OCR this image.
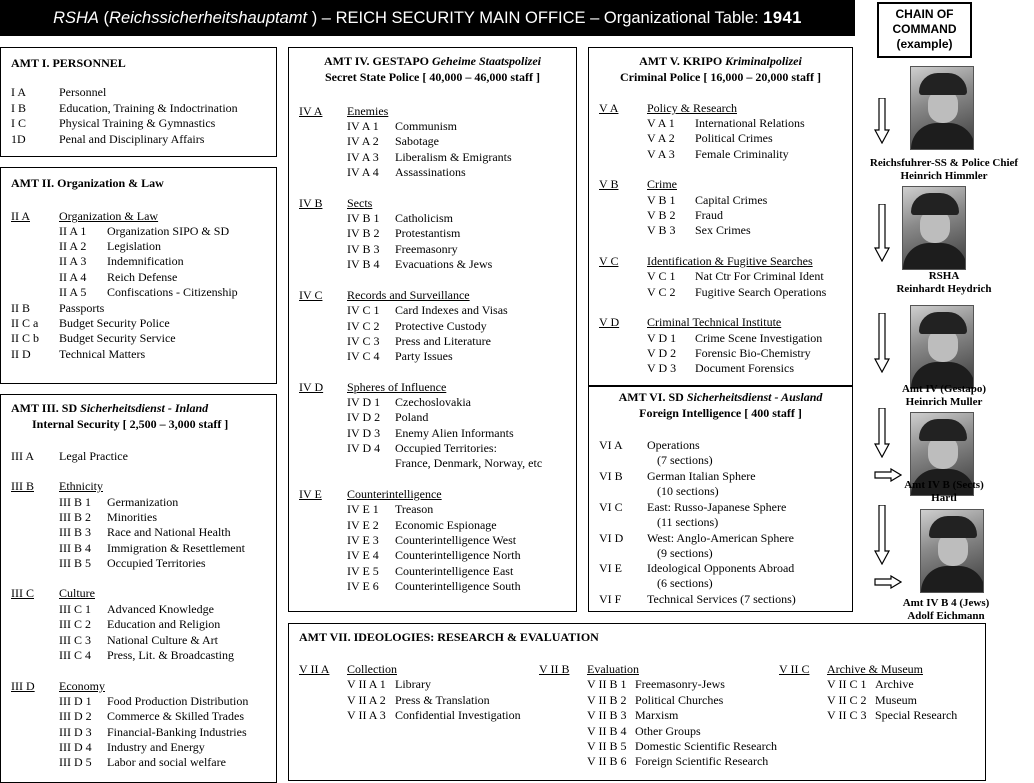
RSHA (Reichssicherheitshauptamt ) – REICH SECURITY MAIN OFFICE – Organizational Table: 1941
AMT I. PERSONNEL
I A	Personnel
I B	Education, Training & Indoctrination
I C	Physical Training & Gymnastics
1D	Penal and Disciplinary Affairs
AMT II. Organization & Law
II A Organization & Law
II A 1 Organization SIPO & SD
II A 2 Legislation
II A 3 Indemnification
II A 4 Reich Defense
II A 5 Confiscations - Citizenship
II B Passports
II C a Budget Security Police
II C b Budget Security Service
II D Technical Matters
AMT III. SD Sicherheitsdienst - Inland
Internal Security [ 2,500 – 3,000 staff ]
III A Legal Practice
III B Ethnicity
III B 1 Germanization
III B 2 Minorities
III B 3 Race and National Health
III B 4 Immigration & Resettlement
III B 5 Occupied Territories
III C Culture
III C 1 Advanced Knowledge
III C 2 Education and Religion
III C 3 National Culture & Art
III C 4 Press, Lit. & Broadcasting
III D Economy
III D 1 Food Production Distribution
III D 2 Commerce & Skilled Trades
III D 3 Financial-Banking Industries
III D 4 Industry and Energy
III D 5 Labor and social welfare
AMT IV. GESTAPO Geheime Staatspolizei
Secret State Police [ 40,000 – 46,000 staff ]
IV A Enemies
IV A 1 Communism
IV A 2 Sabotage
IV A 3 Liberalism & Emigrants
IV A 4 Assassinations
IV B Sects
IV B 1 Catholicism
IV B 2 Protestantism
IV B 3 Freemasonry
IV B 4 Evacuations & Jews
IV C Records and Surveillance
IV C 1 Card Indexes and Visas
IV C 2 Protective Custody
IV C 3 Press and Literature
IV C 4 Party Issues
IV D Spheres of Influence
IV D 1 Czechoslovakia
IV D 2 Poland
IV D 3 Enemy Alien Informants
IV D 4 Occupied Territories:
France, Denmark, Norway, etc
IV E Counterintelligence
IV E 1 Treason
IV E 2 Economic Espionage
IV E 3 Counterintelligence West
IV E 4 Counterintelligence North
IV E 5 Counterintelligence East
IV E 6 Counterintelligence South
AMT V. KRIPO Kriminalpolizei
Criminal Police [ 16,000 – 20,000 staff ]
V A Policy & Research
V A 1 International Relations
V A 2 Political Crimes
V A 3 Female Criminality
V B Crime
V B 1 Capital Crimes
V B 2 Fraud
V B 3 Sex Crimes
V C Identification & Fugitive Searches
V C 1 Nat Ctr For Criminal Ident
V C 2 Fugitive Search Operations
V D Criminal Technical Institute
V D 1 Crime Scene Investigation
V D 2 Forensic Bio-Chemistry
V D 3 Document Forensics
AMT VI. SD Sicherheitsdienst - Ausland
Foreign Intelligence [ 400 staff ]
VI A Operations
(7 sections)
VI B German Italian Sphere
(10 sections)
VI C East: Russo-Japanese Sphere
(11 sections)
VI D West: Anglo-American Sphere
(9 sections)
VI E Ideological Opponents Abroad
(6 sections)
VI F Technical Services (7 sections)
AMT VII. IDEOLOGIES: RESEARCH & EVALUATION
V II A Collection
V II A 1 Library
V II A 2 Press & Translation
V II A 3 Confidential Investigation
V II B Evaluation
V II B 1 Freemasonry-Jews
V II B 2 Political Churches
V II B 3 Marxism
V II B 4 Other Groups
V II B 5 Domestic Scientific Research
V II B 6 Foreign Scientific Research
V II C Archive & Museum
V II C 1 Archive
V II C 2 Museum
V II C 3 Special Research
CHAIN OF
COMMAND
(example)
Reichsfuhrer-SS & Police Chief
Heinrich Himmler
RSHA
Reinhardt Heydrich
Amt IV (Gestapo)
Heinrich Muller
Amt IV B (Sects)
Hartl
Amt IV B 4 (Jews)
Adolf Eichmann
